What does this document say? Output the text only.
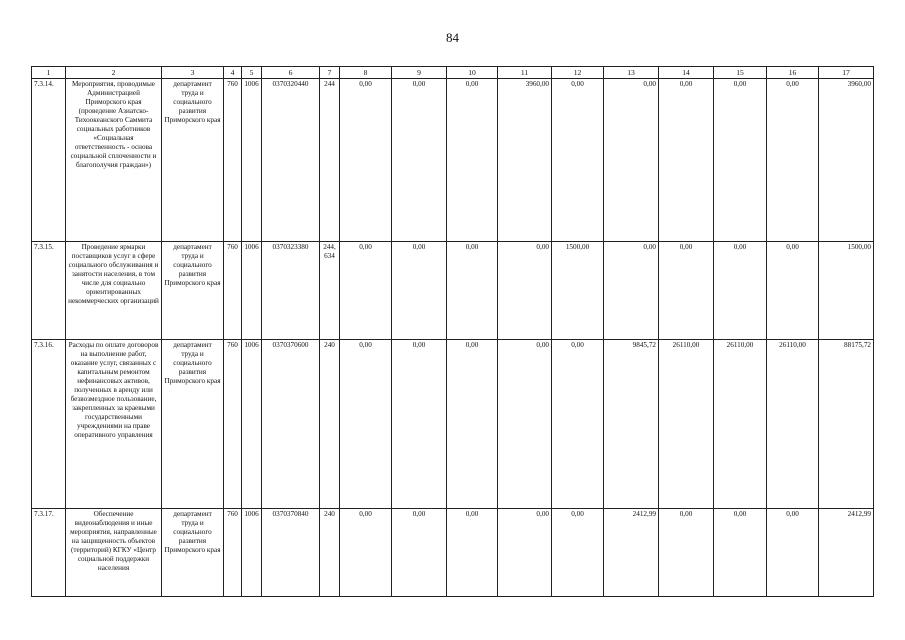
84
1	2	3	4	5	6	7	8	9	10	11	12	13	14	15	16	17
7.3.14.	Мероприятия, проводимые Администрацией Приморского края (проведение Азиатско-Тихоокеанского Саммита социальных работников «Социальная ответственность - основа социальной сплоченности и благополучия граждан»)	департамент труда и социального развития Приморского края	760	1006	0370320440	244	0,00	0,00	0,00	3960,00	0,00	0,00	0,00	0,00	0,00	3960,00
7.3.15.	Проведение ярмарки поставщиков услуг в сфере социального обслуживания и занятости населения, в том числе для социально ориентированных некоммерческих организаций	департамент труда и социального развития Приморского края	760	1006	0370323380	244, 634	0,00	0,00	0,00	0,00	1500,00	0,00	0,00	0,00	0,00	1500,00
7.3.16.	Расходы по оплате договоров на выполнение работ, оказание услуг, связанных с капитальным ремонтом нефинансовых активов, полученных в аренду или безвозмездное пользование, закрепленных за краевыми государственными учреждениями на праве оперативного управления	департамент труда и социального развития Приморского края	760	1006	0370370600	240	0,00	0,00	0,00	0,00	0,00	9845,72	26110,00	26110,00	26110,00	88175,72
7.3.17.	Обеспечение видеонаблюдения и иные мероприятия, направленные на защищенность объектов (территорий) КГКУ «Центр социальной поддержки населения	департамент труда и социального развития Приморского края	760	1006	0370370840	240	0,00	0,00	0,00	0,00	0,00	2412,99	0,00	0,00	0,00	2412,99
